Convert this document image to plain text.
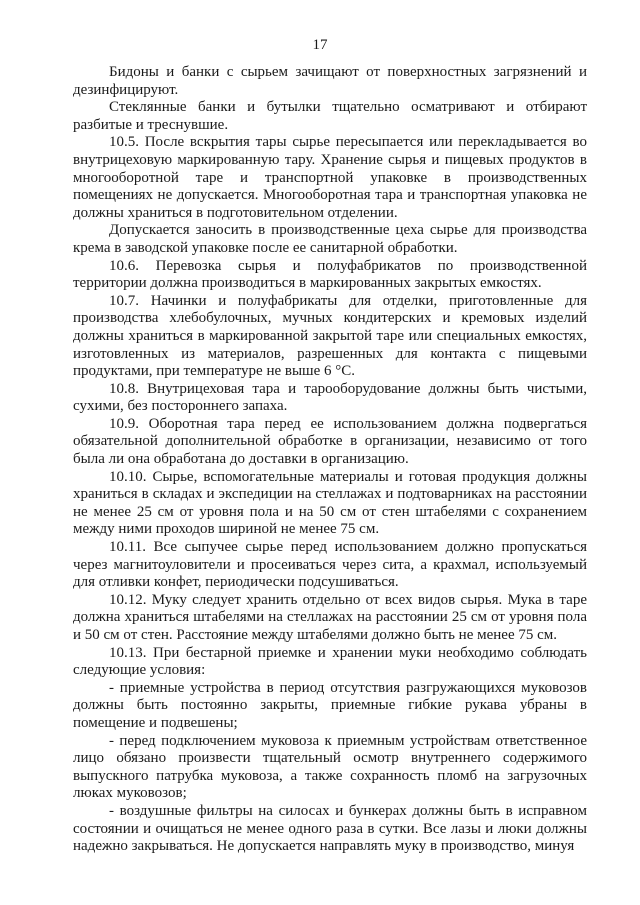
17

Бидоны и банки с сырьем зачищают от поверхностных загрязнений и дезинфицируют.

Стеклянные банки и бутылки тщательно осматривают и отбирают разбитые и треснувшие.

10.5. После вскрытия тары сырье пересыпается или перекладывается во внутрицеховую маркированную тару. Хранение сырья и пищевых продуктов в многооборотной таре и транспортной упаковке в производственных помещениях не допускается. Многооборотная тара и транспортная упаковка не должны храниться в подготовительном отделении.

Допускается заносить в производственные цеха сырье для производства крема в заводской упаковке после ее санитарной обработки.

10.6. Перевозка сырья и полуфабрикатов по производственной территории должна производиться в маркированных закрытых емкостях.

10.7. Начинки и полуфабрикаты для отделки, приготовленные для производства хлебобулочных, мучных кондитерских и кремовых изделий должны храниться в маркированной закрытой таре или специальных емкостях, изготовленных из материалов, разрешенных для контакта с пищевыми продуктами, при температуре не выше 6 °С.

10.8. Внутрицеховая тара и тарооборудование должны быть чистыми, сухими, без постороннего запаха.

10.9. Оборотная тара перед ее использованием должна подвергаться обязательной дополнительной обработке в организации, независимо от того была ли она обработана до доставки в организацию.

10.10. Сырье, вспомогательные материалы и готовая продукция должны храниться в складах и экспедиции на стеллажах и подтоварниках на расстоянии не менее 25 см от уровня пола и на 50 см от стен штабелями с сохранением между ними проходов шириной не менее 75 см.

10.11. Все сыпучее сырье перед использованием должно пропускаться через магнитоуловители и просеиваться через сита, а крахмал, используемый для отливки конфет, периодически подсушиваться.

10.12. Муку следует хранить отдельно от всех видов сырья. Мука в таре должна храниться штабелями на стеллажах на расстоянии 25 см от уровня пола и 50 см от стен. Расстояние между штабелями должно быть не менее 75 см.

10.13. При бестарной приемке и хранении муки необходимо соблюдать следующие условия:

- приемные устройства в период отсутствия разгружающихся муковозов должны быть постоянно закрыты, приемные гибкие рукава убраны в помещение и подвешены;

- перед подключением муковоза к приемным устройствам ответственное лицо обязано произвести тщательный осмотр внутреннего содержимого выпускного патрубка муковоза, а также сохранность пломб на загрузочных люках муковозов;

- воздушные фильтры на силосах и бункерах должны быть в исправном состоянии и очищаться не менее одного раза в сутки. Все лазы и люки должны надежно закрываться. Не допускается направлять муку в производство, минуя
